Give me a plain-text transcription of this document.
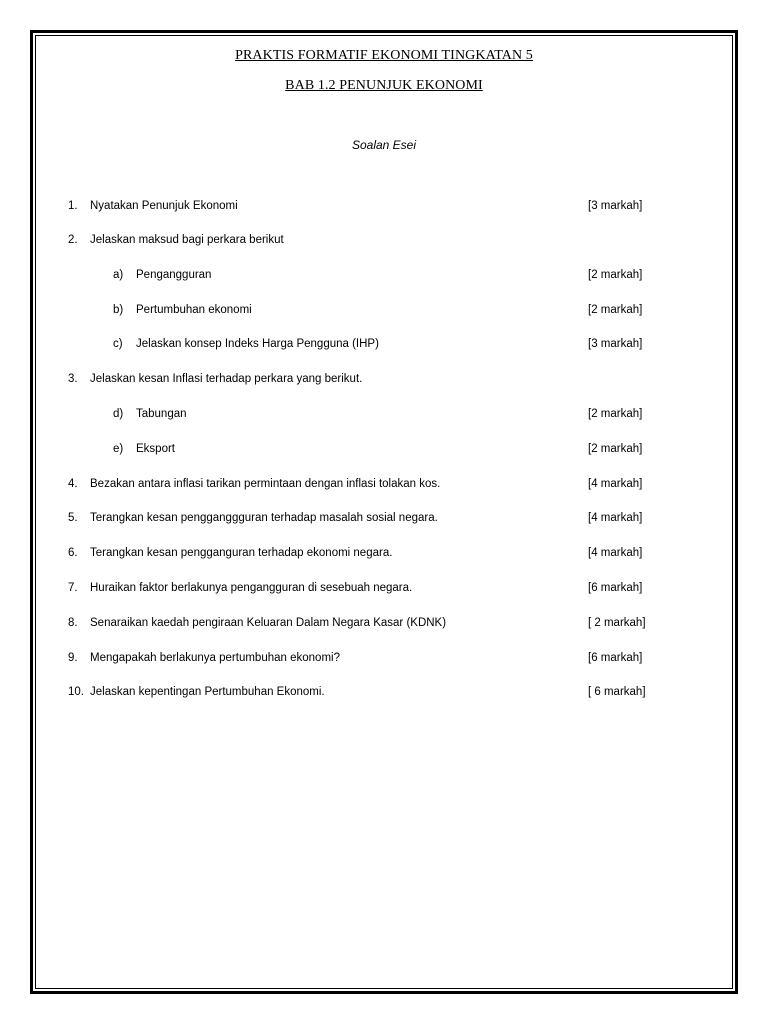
PRAKTIS FORMATIF EKONOMI TINGKATAN 5
BAB 1.2 PENUNJUK EKONOMI
Soalan Esei
1. Nyatakan Penunjuk Ekonomi	[3 markah]
2. Jelaskan maksud bagi perkara berikut
a) Pengangguran	[2 markah]
b) Pertumbuhan ekonomi	[2 markah]
c) Jelaskan konsep Indeks Harga Pengguna (IHP)	[3 markah]
3. Jelaskan kesan Inflasi terhadap perkara yang berikut.
d) Tabungan	[2 markah]
e) Eksport	[2 markah]
4. Bezakan antara inflasi tarikan permintaan dengan inflasi tolakan kos.	[4 markah]
5. Terangkan kesan pengganggguran terhadap masalah sosial negara.	[4 markah]
6. Terangkan kesan pengganguran terhadap ekonomi negara.	[4 markah]
7. Huraikan faktor berlakunya pengangguran di sesebuah negara.	[6 markah]
8. Senaraikan kaedah pengiraan Keluaran Dalam Negara Kasar (KDNK)	[ 2 markah]
9. Mengapakah berlakunya pertumbuhan ekonomi?	[6 markah]
10. Jelaskan kepentingan Pertumbuhan Ekonomi.	[ 6 markah]
